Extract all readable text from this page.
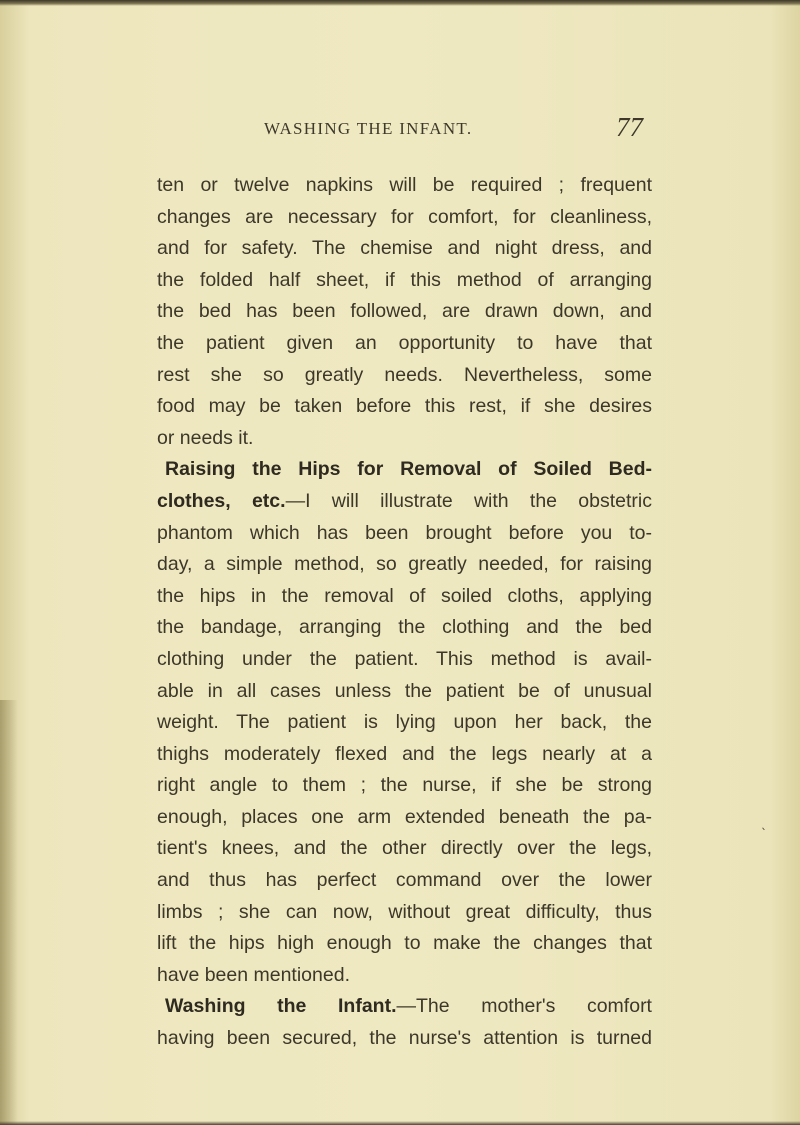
WASHING THE INFANT.	77
ten or twelve napkins will be required ; frequent
changes are necessary for comfort, for cleanliness,
and for safety. The chemise and night dress, and
the folded half sheet, if this method of arranging
the bed has been followed, are drawn down, and
the patient given an opportunity to have that
rest she so greatly needs. Nevertheless, some
food may be taken before this rest, if she desires
or needs it.
Raising the Hips for Removal of Soiled Bed-
clothes, etc.—I will illustrate with the obstetric
phantom which has been brought before you to-
day, a simple method, so greatly needed, for raising
the hips in the removal of soiled cloths, applying
the bandage, arranging the clothing and the bed
clothing under the patient. This method is avail-
able in all cases unless the patient be of unusual
weight. The patient is lying upon her back, the
thighs moderately flexed and the legs nearly at a
right angle to them ; the nurse, if she be strong
enough, places one arm extended beneath the pa-
tient's knees, and the other directly over the legs,
and thus has perfect command over the lower
limbs ; she can now, without great difficulty, thus
lift the hips high enough to make the changes that
have been mentioned.
Washing the Infant.—The mother's comfort
having been secured, the nurse's attention is turned
ˎ
